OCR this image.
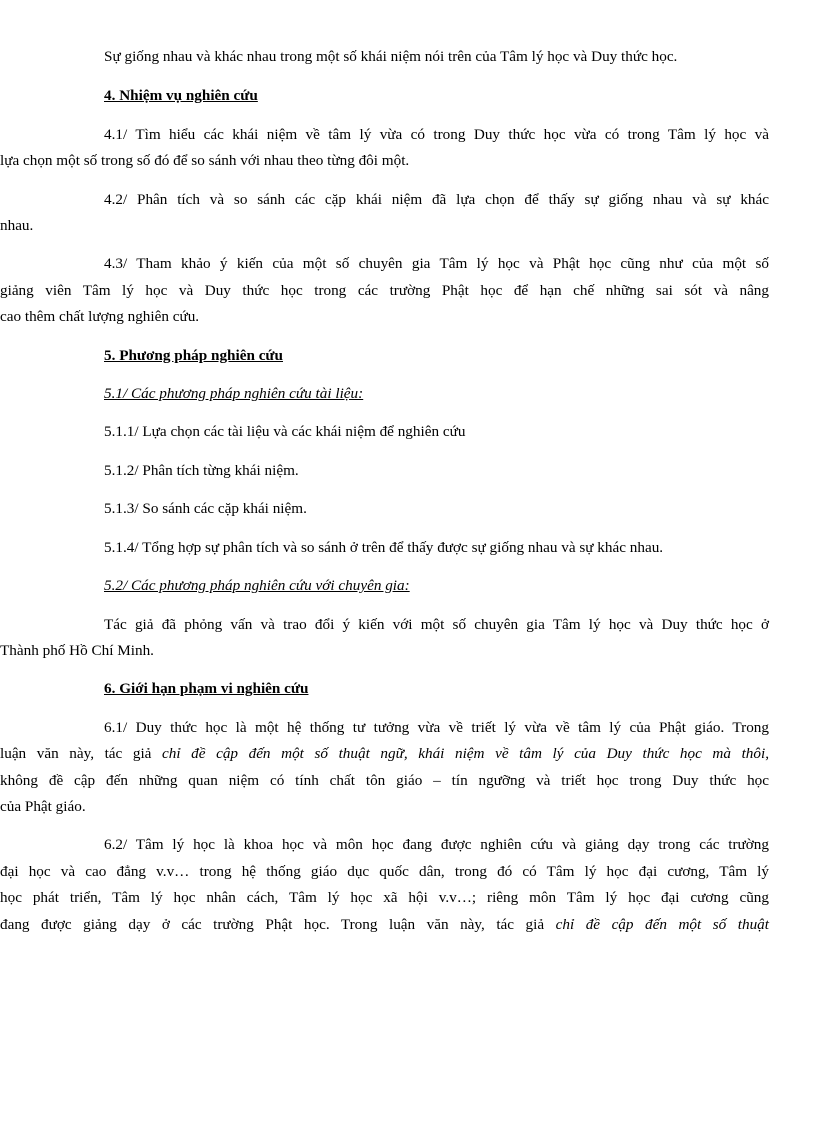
Sự giống nhau và khác nhau trong một số khái niệm nói trên của Tâm lý học và Duy thức học.

4. Nhiệm vụ nghiên cứu

4.1/ Tìm hiểu các khái niệm về tâm lý vừa có trong Duy thức học vừa có trong Tâm lý học và
lựa chọn một số trong số đó để so sánh với nhau theo từng đôi một.

4.2/ Phân tích và so sánh các cặp khái niệm đã lựa chọn để thấy sự giống nhau và sự khác
nhau.

4.3/ Tham khảo ý kiến của một số chuyên gia Tâm lý học và Phật học cũng như của một số
giảng viên Tâm lý học và Duy thức học trong các trường Phật học để hạn chế những sai sót và nâng
cao thêm chất lượng nghiên cứu.

5. Phương pháp nghiên cứu

5.1/ Các phương pháp nghiên cứu tài liệu:

5.1.1/ Lựa chọn các tài liệu và các khái niệm để nghiên cứu

5.1.2/ Phân tích từng khái niệm.

5.1.3/ So sánh các cặp khái niệm.

5.1.4/ Tổng hợp sự phân tích và so sánh ở trên để thấy được sự giống nhau và sự khác nhau.

5.2/ Các phương pháp nghiên cứu với chuyên gia:

Tác giả đã phỏng vấn và trao đổi ý kiến với một số chuyên gia Tâm lý học và Duy thức học ở
Thành phố Hồ Chí Minh.

6. Giới hạn phạm vi nghiên cứu

6.1/ Duy thức học là một hệ thống tư tưởng vừa về triết lý vừa về tâm lý của Phật giáo. Trong
luận văn này, tác giả chỉ đề cập đến một số thuật ngữ, khái niệm về tâm lý của Duy thức học mà thôi,
không đề cập đến những quan niệm có tính chất tôn giáo – tín ngưỡng và triết học trong Duy thức học
của Phật giáo.

6.2/ Tâm lý học là khoa học và môn học đang được nghiên cứu và giảng dạy trong các trường
đại học và cao đẳng v.v… trong hệ thống giáo dục quốc dân, trong đó có Tâm lý học đại cương, Tâm lý
học phát triển, Tâm lý học nhân cách, Tâm lý học xã hội v.v…; riêng môn Tâm lý học đại cương cũng
đang được giảng dạy ở các trường Phật học. Trong luận văn này, tác giả chỉ đề cập đến một số thuật
